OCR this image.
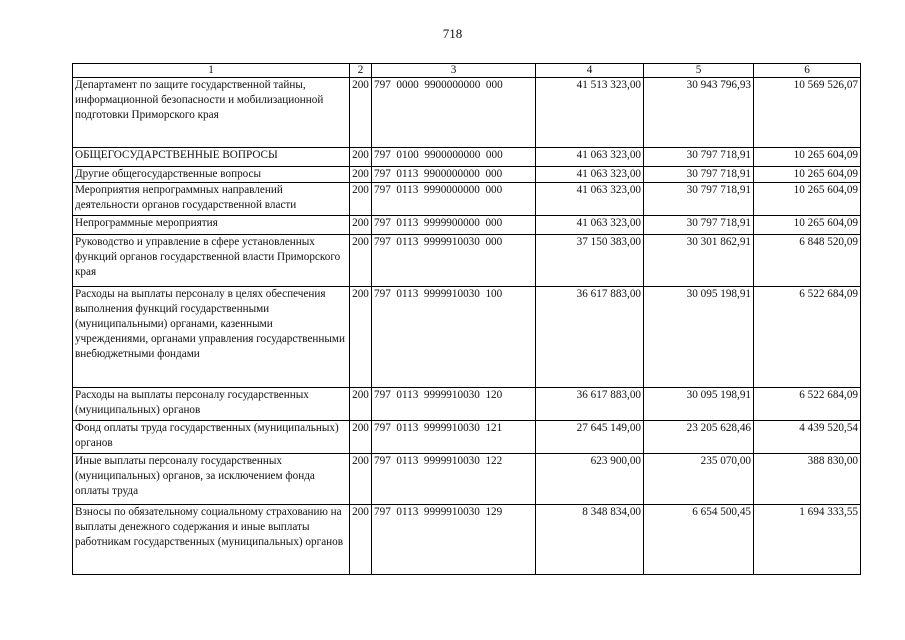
718
1	2	3	4	5	6
Департамент по защите государственной тайны, информационной безопасности и мобилизационной подготовки Приморского края	200	797  0000  9900000000  000	41 513 323,00	30 943 796,93	10 569 526,07
ОБЩЕГОСУДАРСТВЕННЫЕ ВОПРОСЫ	200	797  0100  9900000000  000	41 063 323,00	30 797 718,91	10 265 604,09
Другие общегосударственные вопросы	200	797  0113  9900000000  000	41 063 323,00	30 797 718,91	10 265 604,09
Мероприятия непрограммных направлений деятельности органов государственной власти	200	797  0113  9990000000  000	41 063 323,00	30 797 718,91	10 265 604,09
Непрограммные мероприятия	200	797  0113  9999900000  000	41 063 323,00	30 797 718,91	10 265 604,09
Руководство и управление в сфере установленных функций органов государственной власти Приморского края	200	797  0113  9999910030  000	37 150 383,00	30 301 862,91	6 848 520,09
Расходы на выплаты персоналу в целях обеспечения выполнения функций государственными (муниципальными) органами, казенными учреждениями, органами управления государственными внебюджетными фондами	200	797  0113  9999910030  100	36 617 883,00	30 095 198,91	6 522 684,09
Расходы на выплаты персоналу государственных (муниципальных) органов	200	797  0113  9999910030  120	36 617 883,00	30 095 198,91	6 522 684,09
Фонд оплаты труда государственных (муниципальных) органов	200	797  0113  9999910030  121	27 645 149,00	23 205 628,46	4 439 520,54
Иные выплаты персоналу государственных (муниципальных) органов, за исключением фонда оплаты труда	200	797  0113  9999910030  122	623 900,00	235 070,00	388 830,00
Взносы по обязательному социальному страхованию на выплаты денежного содержания и иные выплаты работникам государственных (муниципальных) органов	200	797  0113  9999910030  129	8 348 834,00	6 654 500,45	1 694 333,55
